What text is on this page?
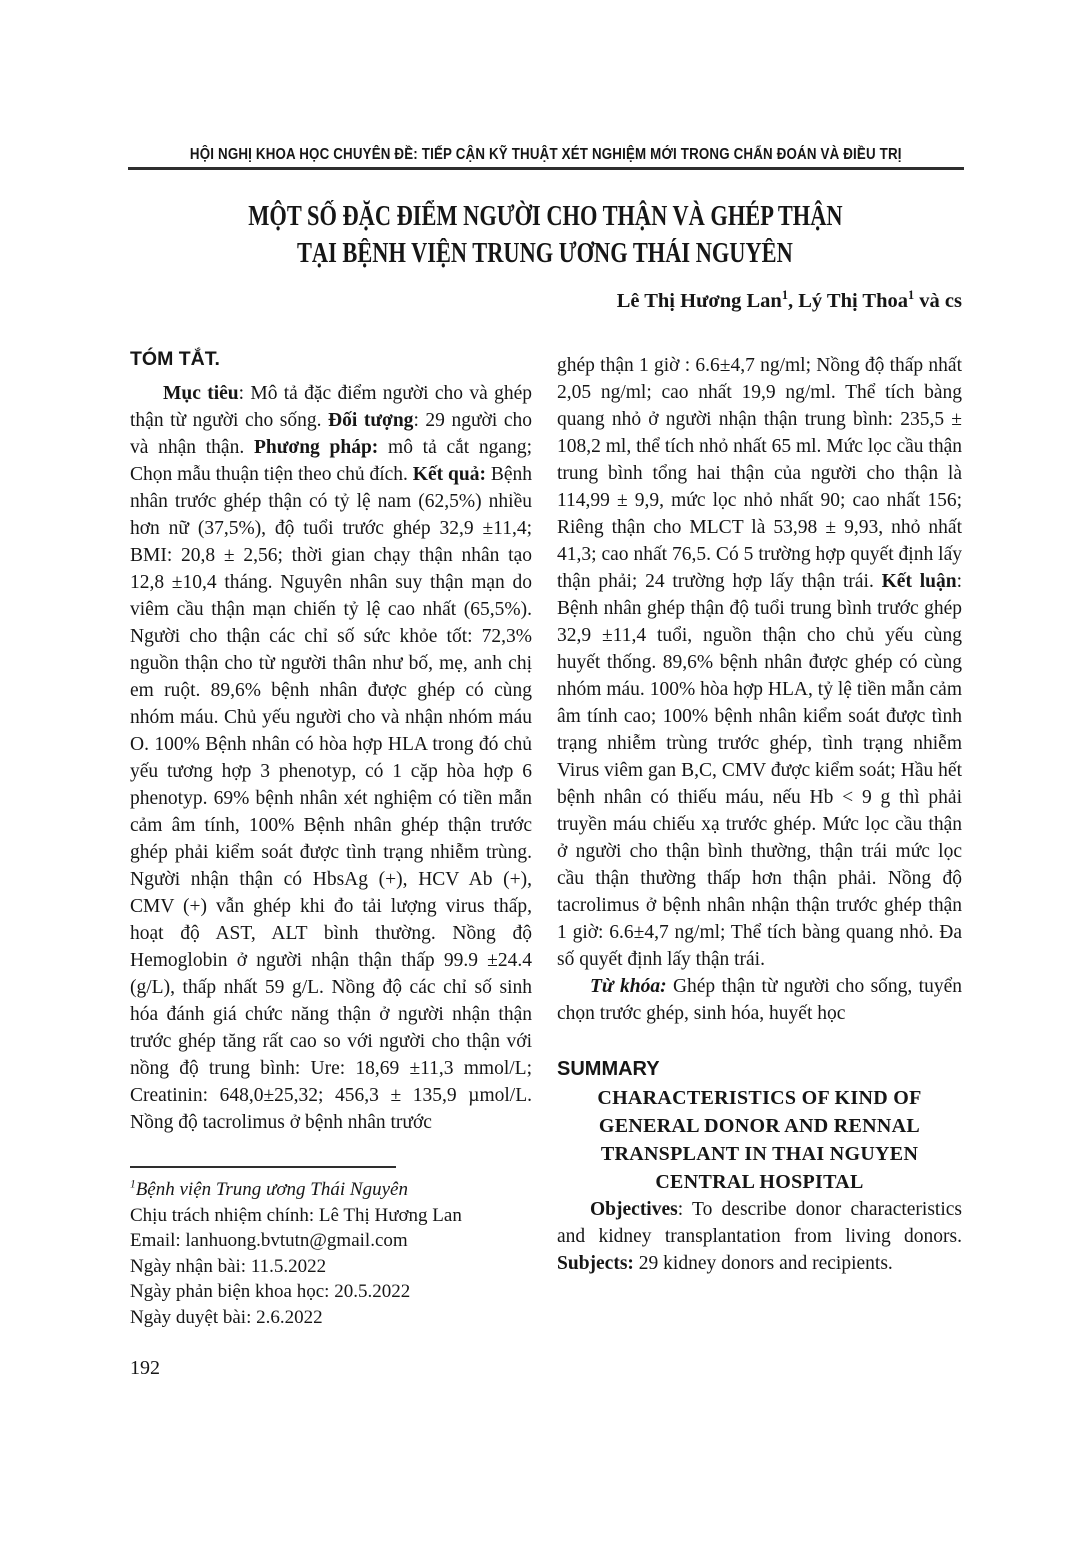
HỘI NGHỊ KHOA HỌC CHUYÊN ĐỀ: TIẾP CẬN KỸ THUẬT XÉT NGHIỆM MỚI TRONG CHẨN ĐOÁN VÀ ĐIỀU TRỊ
MỘT SỐ ĐẶC ĐIỂM NGƯỜI CHO THẬN VÀ GHÉP THẬN
TẠI BỆNH VIỆN TRUNG ƯƠNG THÁI NGUYÊN
Lê Thị Hương Lan$^1$, Lý Thị Thoa$^1$ và cs
TÓM TẮT.

Mục tiêu: Mô tả đặc điểm người cho và ghép thận từ người cho sống. Đối tượng: 29 người cho và nhận thận. Phương pháp: mô tả cắt ngang; Chọn mẫu thuận tiện theo chủ đích. Kết quả: Bệnh nhân trước ghép thận có tỷ lệ nam (62,5%) nhiều hơn nữ (37,5%), độ tuổi trước ghép 32,9 ±11,4; BMI: 20,8 ± 2,56; thời gian chạy thận nhân tạo 12,8 ±10,4 tháng. Nguyên nhân suy thận mạn do viêm cầu thận mạn chiến tỷ lệ cao nhất (65,5%). Người cho thận các chỉ số sức khỏe tốt: 72,3% nguồn thận cho từ người thân như bố, mẹ, anh chị em ruột. 89,6% bệnh nhân được ghép có cùng nhóm máu. Chủ yếu người cho và nhận nhóm máu O. 100% Bệnh nhân có hòa hợp HLA trong đó chủ yếu tương hợp 3 phenotyp, có 1 cặp hòa hợp 6 phenotyp. 69% bệnh nhân xét nghiệm có tiền mẫn cảm âm tính, 100% Bệnh nhân ghép thận trước ghép phải kiểm soát được tình trạng nhiễm trùng. Người nhận thận có HbsAg (+), HCV Ab (+), CMV (+) vẫn ghép khi đo tải lượng virus thấp, hoạt độ AST, ALT bình thường. Nồng độ Hemoglobin ở người nhận thận thấp 99.9 ±24.4 (g/L), thấp nhất 59 g/L. Nồng độ các chỉ số sinh hóa đánh giá chức năng thận ở người nhận thận trước ghép tăng rất cao so với người cho thận với nồng độ trung bình: Ure: 18,69 ±11,3 mmol/L; Creatinin: 648,0±25,32; 456,3 ± 135,9 µmol/L. Nồng độ tacrolimus ở bệnh nhân trước

ghép thận 1 giờ : 6.6±4,7 ng/ml; Nồng độ thấp nhất 2,05 ng/ml; cao nhất 19,9 ng/ml. Thể tích bàng quang nhỏ ở người nhận thận trung bình: 235,5 ± 108,2 ml, thể tích nhỏ nhất 65 ml. Mức lọc cầu thận trung bình tổng hai thận của người cho thận là 114,99 ± 9,9, mức lọc nhỏ nhất 90; cao nhất 156; Riêng thận cho MLCT là 53,98 ± 9,93, nhỏ nhất 41,3; cao nhất 76,5. Có 5 trường hợp quyết định lấy thận phải; 24 trường hợp lấy thận trái. Kết luận: Bệnh nhân ghép thận độ tuổi trung bình trước ghép 32,9 ±11,4 tuổi, nguồn thận cho chủ yếu cùng huyết thống. 89,6% bệnh nhân được ghép có cùng nhóm máu. 100% hòa hợp HLA, tỷ lệ tiền mẫn cảm âm tính cao; 100% bệnh nhân kiểm soát được tình trạng nhiễm trùng trước ghép, tình trạng nhiễm Virus viêm gan B,C, CMV được kiểm soát; Hầu hết bệnh nhân có thiếu máu, nếu Hb < 9 g thì phải truyền máu chiếu xạ trước ghép. Mức lọc cầu thận ở người cho thận bình thường, thận trái mức lọc cầu thận thường thấp hơn thận phải. Nồng độ tacrolimus ở bệnh nhân nhận thận trước ghép thận 1 giờ: 6.6±4,7 ng/ml; Thể tích bàng quang nhỏ. Đa số quyết định lấy thận trái.

Từ khóa: Ghép thận từ người cho sống, tuyển chọn trước ghép, sinh hóa, huyết học

SUMMARY
CHARACTERISTICS OF KIND OF
GENERAL DONOR AND RENNAL
TRANSPLANT IN THAI NGUYEN
CENTRAL HOSPITAL

Objectives: To describe donor characteristics and kidney transplantation from living donors. Subjects: 29 kidney donors and recipients.

$^1$Bệnh viện Trung ương Thái Nguyên
Chịu trách nhiệm chính: Lê Thị Hương Lan
Email: lanhuong.bvtutn@gmail.com
Ngày nhận bài: 11.5.2022
Ngày phản biện khoa học: 20.5.2022
Ngày duyệt bài: 2.6.2022
192
